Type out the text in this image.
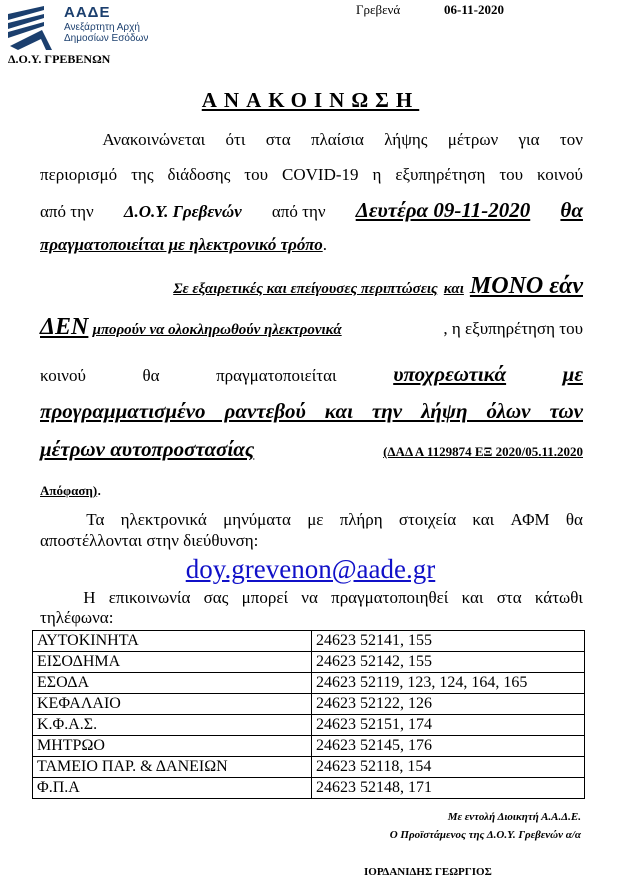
ΑΑΔΕ
Ανεξάρτητη Αρχή
Δημοσίων Εσόδων
Δ.Ο.Υ. ΓΡΕΒΕΝΩΝ
Γρεβενά	06-11-2020
ΑΝΑΚΟΙΝΩΣΗ
Ανακοινώνεται ότι στα πλαίσια λήψης μέτρων για τον
περιορισμό της διάδοσης του COVID-19 η εξυπηρέτηση του κοινού
από την Δ.Ο.Υ. Γρεβενών από την Δευτέρα 09-11-2020 θα
πραγματοποιείται με ηλεκτρονικό τρόπο.
Σε εξαιρετικές και επείγουσες περιπτώσεις και ΜΟΝΟ εάν
ΔΕΝ μπορούν να ολοκληρωθούν ηλεκτρονικά	, η εξυπηρέτηση του
κοινού	θα	πραγματοποιείται	υποχρεωτικά	με
προγραμματισμένο ραντεβού και την λήψη όλων των
μέτρων αυτοπροστασίας	(ΔΑΔ Α 1129874 ΕΞ 2020/05.11.2020
Απόφαση).
Τα ηλεκτρονικά μηνύματα με πλήρη στοιχεία και ΑΦΜ θα
αποστέλλονται στην διεύθυνση:
doy.grevenon@aade.gr
Η επικοινωνία σας μπορεί να πραγματοποιηθεί και στα κάτωθι
τηλέφωνα:
ΑΥΤΟΚΙΝΗΤΑ	24623 52141, 155
ΕΙΣΟΔΗΜΑ	24623 52142, 155
ΕΣΟΔΑ	24623 52119, 123, 124, 164, 165
ΚΕΦΑΛΑΙΟ	24623 52122, 126
Κ.Φ.Α.Σ.	24623 52151, 174
ΜΗΤΡΩΟ	24623 52145, 176
ΤΑΜΕΙΟ ΠΑΡ. & ΔΑΝΕΙΩΝ	24623 52118, 154
Φ.Π.Α	24623 52148, 171
Με εντολή Διοικητή Α.Α.Δ.Ε.
Ο Προϊστάμενος της Δ.Ο.Υ. Γρεβενών α/α
ΙΟΡΔΑΝΙΔΗΣ ΓΕΩΡΓΙΟΣ
